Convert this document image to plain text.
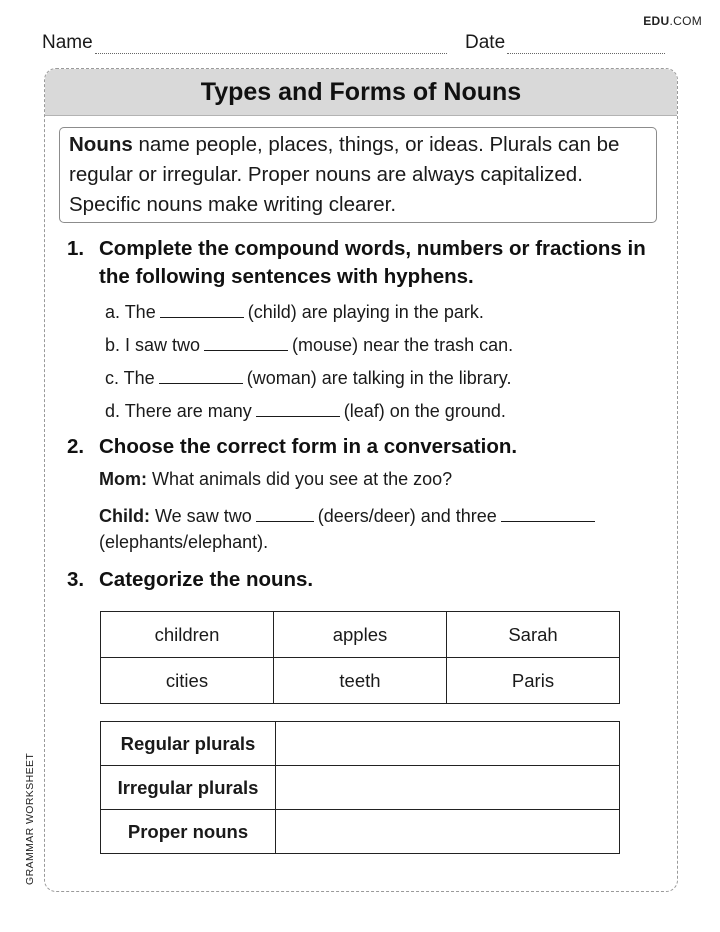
EDU.COM
Name	Date
Types and Forms of Nouns
Nouns name people, places, things, or ideas. Plurals can be regular or irregular. Proper nouns are always capitalized. Specific nouns make writing clearer.
1. Complete the compound words, numbers or fractions in the following sentences with hyphens.
a. The	(child) are playing in the park.
b. I saw two	(mouse) near the trash can.
c. The	(woman) are talking in the library.
d. There are many	(leaf) on the ground.
2. Choose the correct form in a conversation.
Mom: What animals did you see at the zoo?
Child: We saw two	(deers/deer) and three
(elephants/elephant).
3. Categorize the nouns.
children	apples	Sarah
cities	teeth	Paris
Regular plurals	
Irregular plurals	
Proper nouns	
GRAMMAR WORKSHEET
